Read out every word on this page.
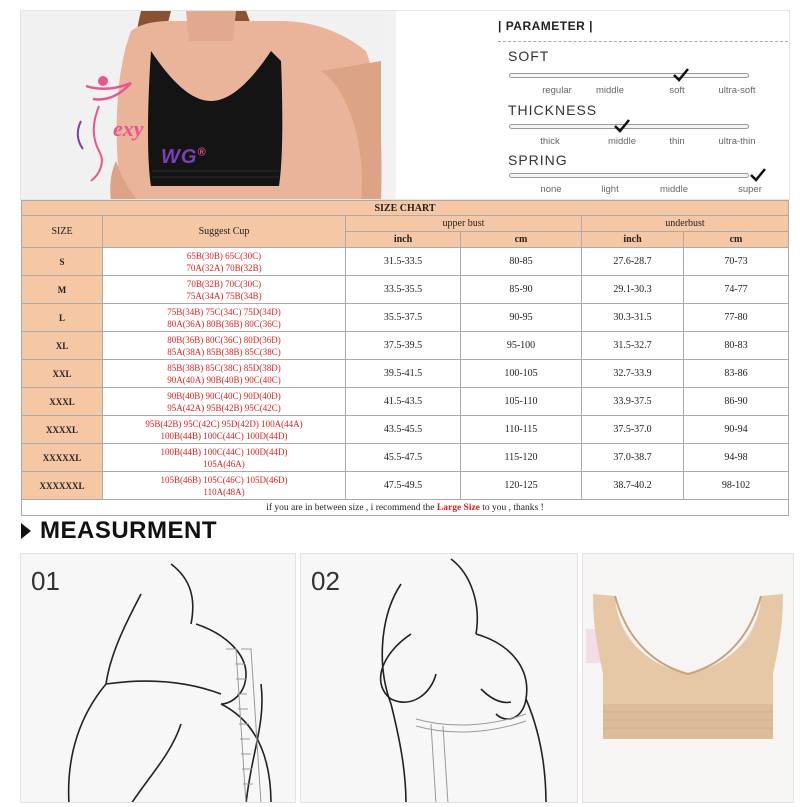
exy
WG®
| PARAMETER |
SOFT
regular	middle	soft	ultra-soft
THICKNESS
thick	middle	thin	ultra-thin
SPRING
none	light	middle	super
SIZE CHART					
SIZE	Suggest Cup	upper bust		underbust	
		inch	cm	inch	cm
S	65B(30B) 65C(30C)
70A(32A) 70B(32B)	31.5-33.5	80-85	27.6-28.7	70-73
M	70B(32B) 70C(30C)
75A(34A) 75B(34B)	33.5-35.5	85-90	29.1-30.3	74-77
L	75B(34B) 75C(34C) 75D(34D)
80A(36A) 80B(36B) 80C(36C)	35.5-37.5	90-95	30.3-31.5	77-80
XL	80B(36B) 80C(36C) 80D(36D)
85A(38A) 85B(38B) 85C(38C)	37.5-39.5	95-100	31.5-32.7	80-83
XXL	85B(38B) 85C(38C) 85D(38D)
90A(40A) 90B(40B) 90C(40C)	39.5-41.5	100-105	32.7-33.9	83-86
XXXL	90B(40B) 90C(40C) 90D(40D)
95A(42A) 95B(42B) 95C(42C)	41.5-43.5	105-110	33.9-37.5	86-90
XXXXL	95B(42B) 95C(42C) 95D(42D) 100A(44A)
100B(44B) 100C(44C) 100D(44D)	43.5-45.5	110-115	37.5-37.0	90-94
XXXXXL	100B(44B) 100C(44C) 100D(44D)
105A(46A)	45.5-47.5	115-120	37.0-38.7	94-98
XXXXXXL	105B(46B) 105C(46C) 105D(46D)
110A(48A)	47.5-49.5	120-125	38.7-40.2	98-102
if you are in between size , i recommend the Large Size to you , thanks !					
MEASURMENT
01	02
